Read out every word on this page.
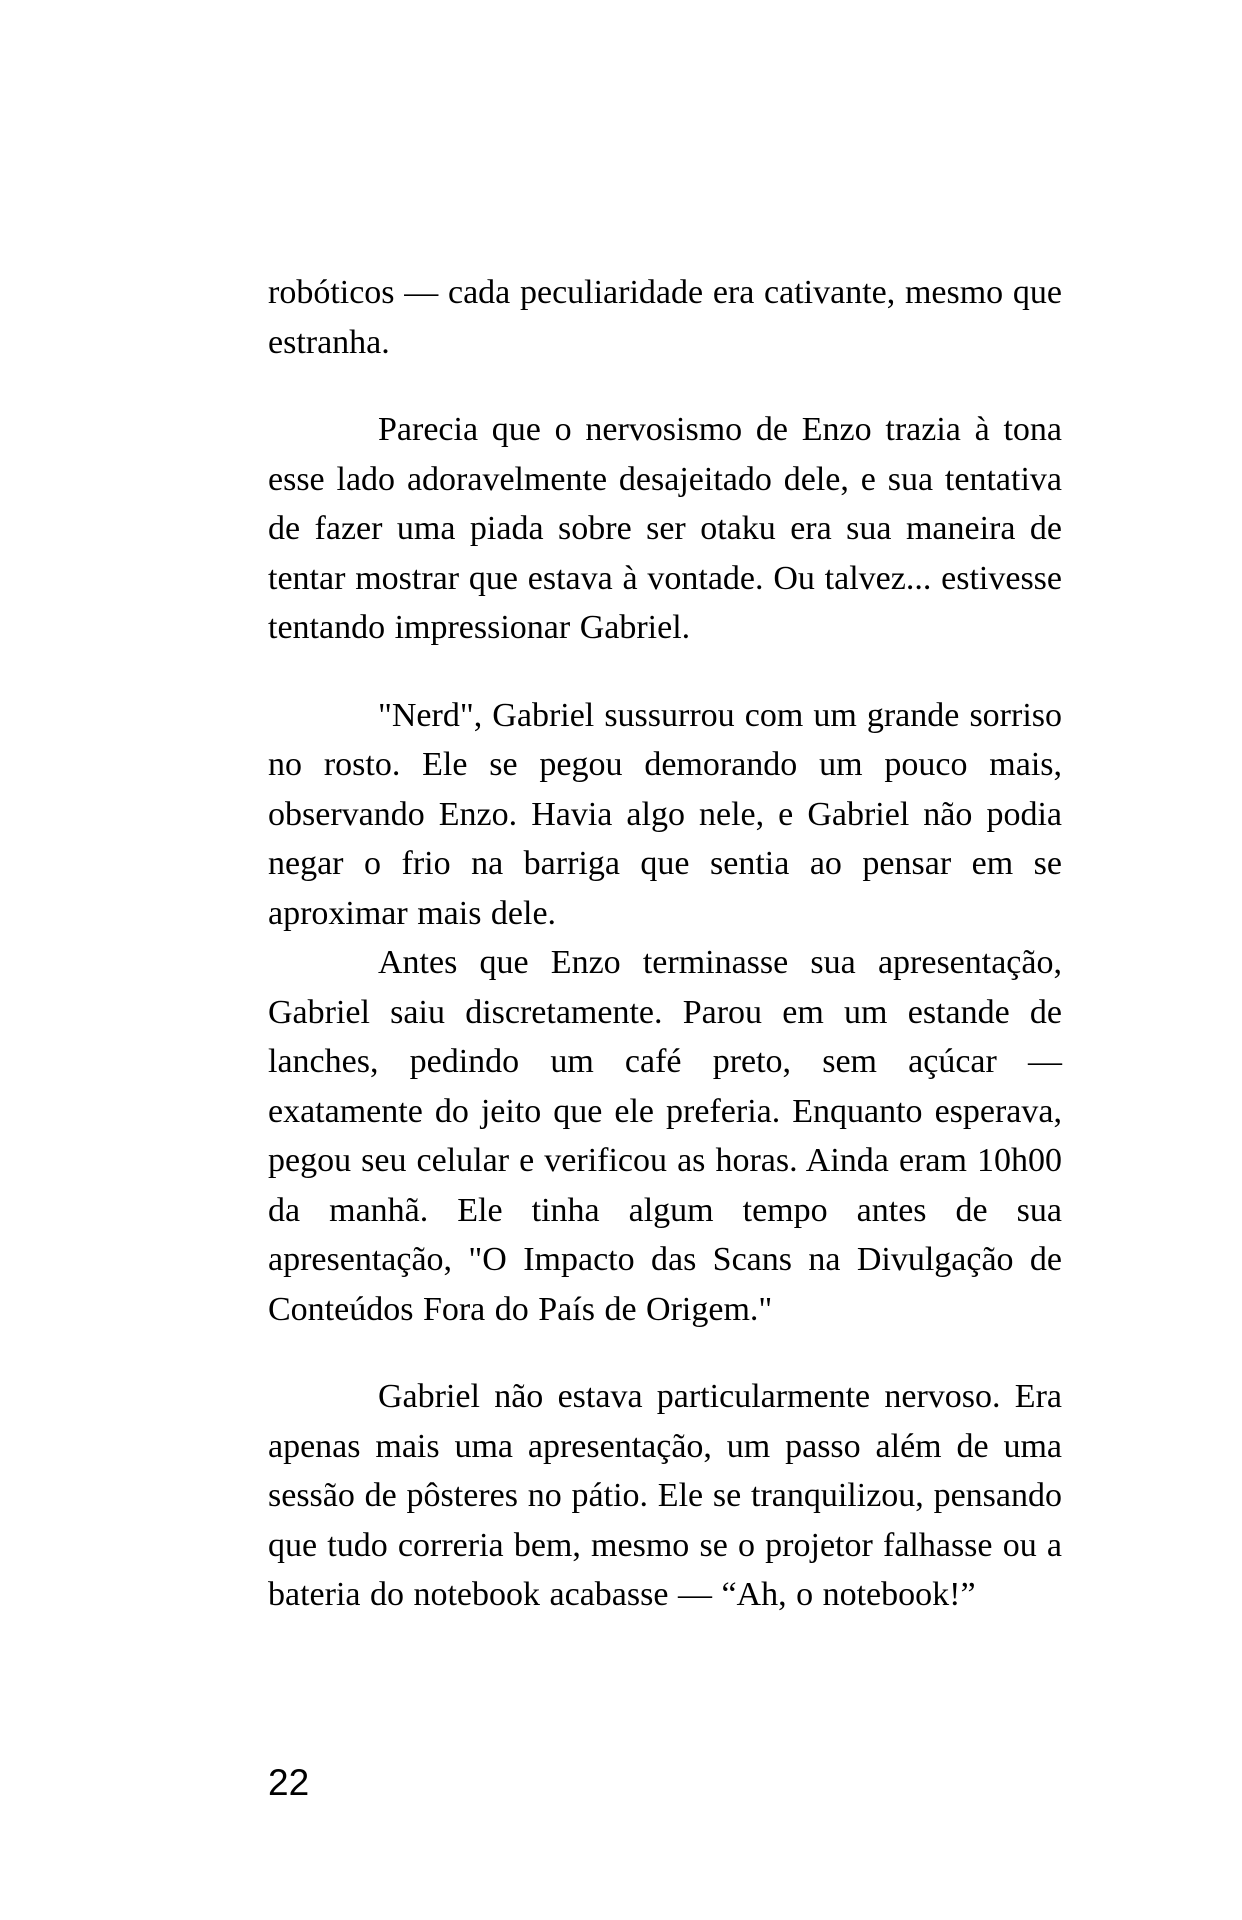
robóticos — cada peculiaridade era cativante, mesmo que estranha.

Parecia que o nervosismo de Enzo trazia à tona esse lado adoravelmente desajeitado dele, e sua tentativa de fazer uma piada sobre ser otaku era sua maneira de tentar mostrar que estava à vontade. Ou talvez... estivesse tentando impressionar Gabriel.

"Nerd", Gabriel sussurrou com um grande sorriso no rosto. Ele se pegou demorando um pouco mais, observando Enzo. Havia algo nele, e Gabriel não podia negar o frio na barriga que sentia ao pensar em se aproximar mais dele.

Antes que Enzo terminasse sua apresentação, Gabriel saiu discretamente. Parou em um estande de lanches, pedindo um café preto, sem açúcar — exatamente do jeito que ele preferia. Enquanto esperava, pegou seu celular e verificou as horas. Ainda eram 10h00 da manhã. Ele tinha algum tempo antes de sua apresentação, "O Impacto das Scans na Divulgação de Conteúdos Fora do País de Origem."

Gabriel não estava particularmente nervoso. Era apenas mais uma apresentação, um passo além de uma sessão de pôsteres no pátio. Ele se tranquilizou, pensando que tudo correria bem, mesmo se o projetor falhasse ou a bateria do notebook acabasse — “Ah, o notebook!”

22
